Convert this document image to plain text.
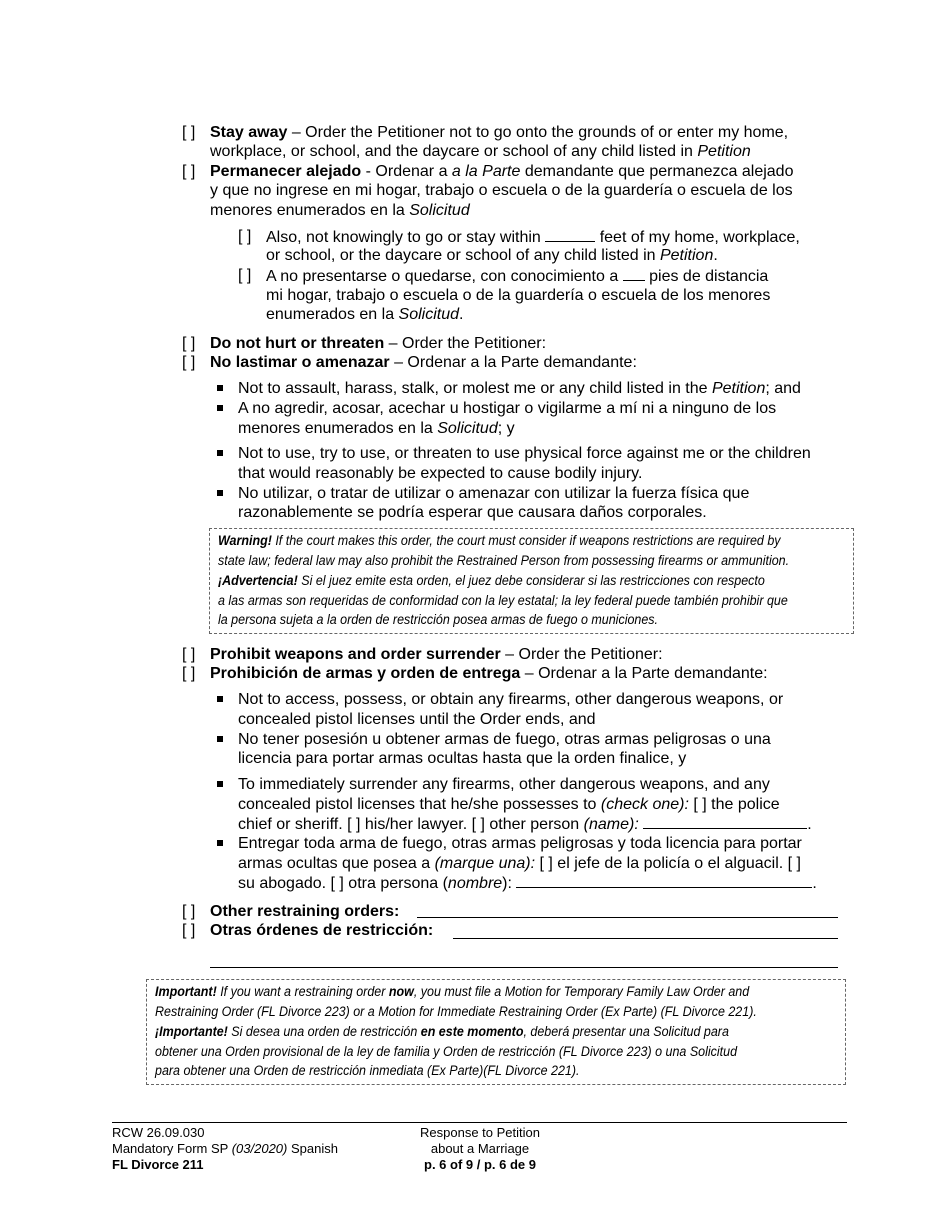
[ ] Stay away – Order the Petitioner not to go onto the grounds of or enter my home,
workplace, or school, and the daycare or school of any child listed in Petition
[ ] Permanecer alejado - Ordenar a a la Parte demandante que permanezca alejado
y que no ingrese en mi hogar, trabajo o escuela o de la guardería o escuela de los
menores enumerados en la Solicitud
[ ] Also, not knowingly to go or stay within	feet of my home, workplace,
or school, or the daycare or school of any child listed in Petition.
[ ] A no presentarse o quedarse, con conocimiento a  pies de distancia
mi hogar, trabajo o escuela o de la guardería o escuela de los menores
enumerados en la Solicitud.
[ ] Do not hurt or threaten – Order the Petitioner:
[ ] No lastimar o amenazar – Ordenar a la Parte demandante:
Not to assault, harass, stalk, or molest me or any child listed in the Petition; and
A no agredir, acosar, acechar u hostigar o vigilarme a mí ni a ninguno de los
menores enumerados en la Solicitud; y
Not to use, try to use, or threaten to use physical force against me or the children
that would reasonably be expected to cause bodily injury.
No utilizar, o tratar de utilizar o amenazar con utilizar la fuerza física que
razonablemente se podría esperar que causara daños corporales.
Warning! If the court makes this order, the court must consider if weapons restrictions are required by
state law; federal law may also prohibit the Restrained Person from possessing firearms or ammunition.
¡Advertencia! Si el juez emite esta orden, el juez debe considerar si las restricciones con respecto
a las armas son requeridas de conformidad con la ley estatal; la ley federal puede también prohibir que
la persona sujeta a la orden de restricción posea armas de fuego o municiones.
[ ] Prohibit weapons and order surrender – Order the Petitioner:
[ ] Prohibición de armas y orden de entrega – Ordenar a la Parte demandante:
Not to access, possess, or obtain any firearms, other dangerous weapons, or
concealed pistol licenses until the Order ends, and
No tener posesión u obtener armas de fuego, otras armas peligrosas o una
licencia para portar armas ocultas hasta que la orden finalice, y
To immediately surrender any firearms, other dangerous weapons, and any
concealed pistol licenses that he/she possesses to (check one): [ ] the police
chief or sheriff. [ ] his/her lawyer. [ ] other person (name):	.
Entregar toda arma de fuego, otras armas peligrosas y toda licencia para portar
armas ocultas que posea a (marque una): [ ] el jefe de la policía o el alguacil. [ ]
su abogado. [ ] otra persona (nombre):	.
[ ] Other restraining orders:
[ ] Otras órdenes de restricción:
Important! If you want a restraining order now, you must file a Motion for Temporary Family Law Order and
Restraining Order (FL Divorce 223) or a Motion for Immediate Restraining Order (Ex Parte) (FL Divorce 221).
¡Importante! Si desea una orden de restricción en este momento, deberá presentar una Solicitud para
obtener una Orden provisional de la ley de familia y Orden de restricción (FL Divorce 223) o una Solicitud
para obtener una Orden de restricción inmediata (Ex Parte)(FL Divorce 221).
RCW 26.09.030
Mandatory Form SP (03/2020) Spanish
FL Divorce 211
Response to Petition
about a Marriage
p. 6 of 9 / p. 6 de 9
